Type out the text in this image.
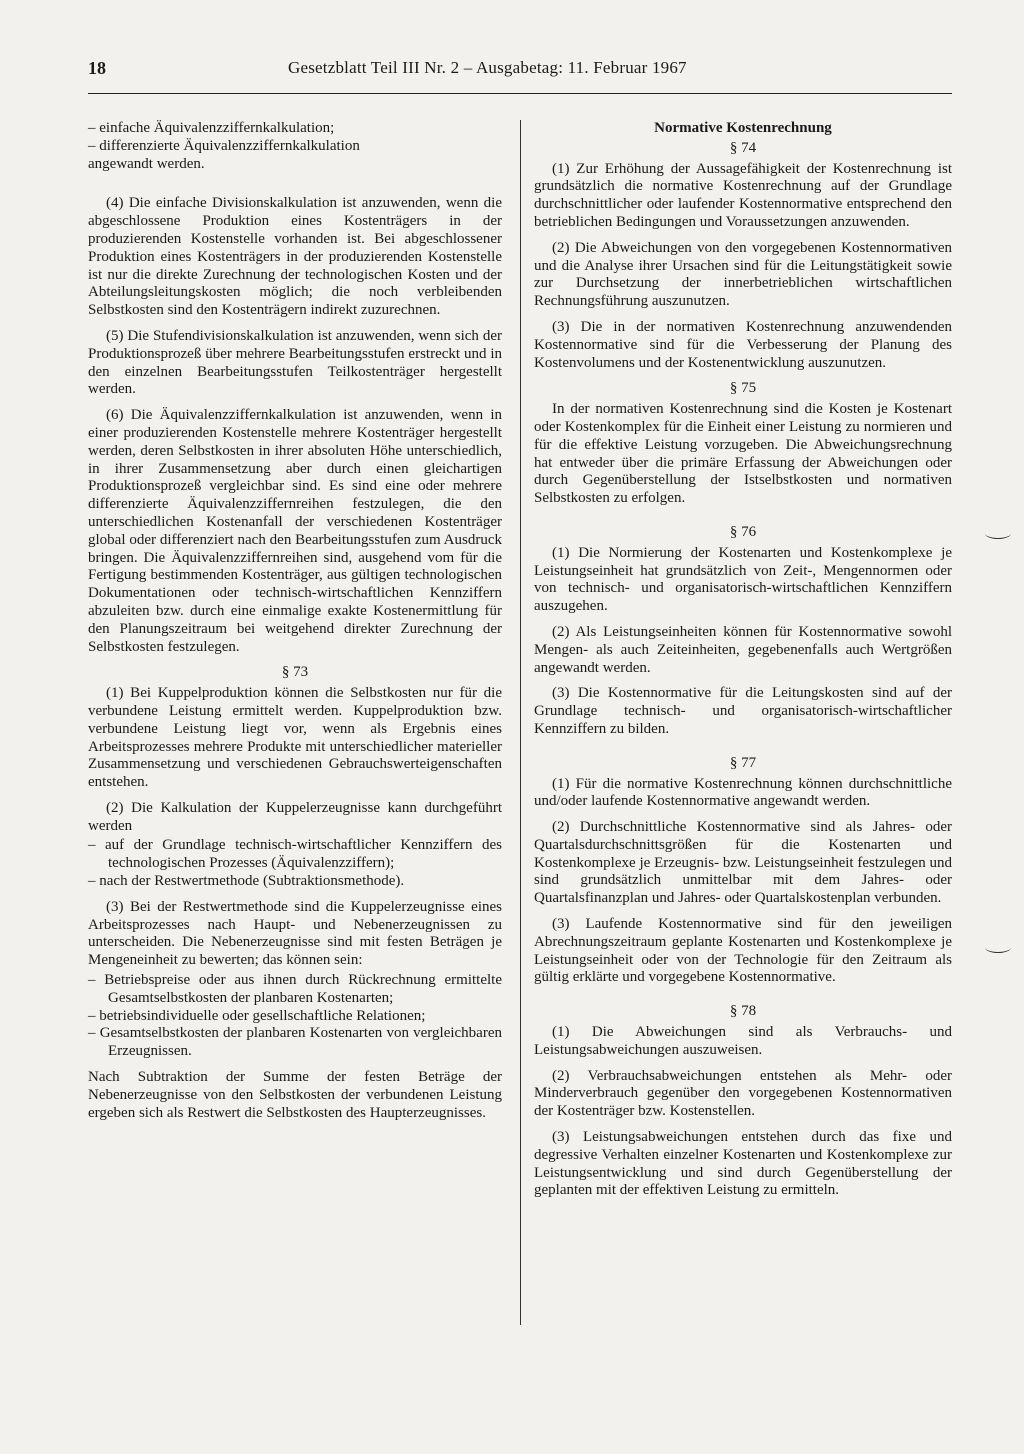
18	Gesetzblatt Teil III Nr. 2 – Ausgabetag: 11. Februar 1967
– einfache Äquivalenzziffernkalkulation;
– differenzierte Äquivalenzziffernkalkulation

angewandt werden.

(4) Die einfache Divisionskalkulation ist anzuwenden, wenn die abgeschlossene Produktion eines Kostenträgers in der produzierenden Kostenstelle vorhanden ist. Bei abgeschlossener Produktion eines Kostenträgers in der produzierenden Kostenstelle ist nur die direkte Zurechnung der technologischen Kosten und der Abteilungsleitungskosten möglich; die noch verbleibenden Selbstkosten sind den Kostenträgern indirekt zuzurechnen.

(5) Die Stufendivisionskalkulation ist anzuwenden, wenn sich der Produktionsprozeß über mehrere Bearbeitungsstufen erstreckt und in den einzelnen Bearbeitungsstufen Teilkostenträger hergestellt werden.

(6) Die Äquivalenzziffernkalkulation ist anzuwenden, wenn in einer produzierenden Kostenstelle mehrere Kostenträger hergestellt werden, deren Selbstkosten in ihrer absoluten Höhe unterschiedlich, in ihrer Zusammensetzung aber durch einen gleichartigen Produktionsprozeß vergleichbar sind. Es sind eine oder mehrere differenzierte Äquivalenzziffernreihen festzulegen, die den unterschiedlichen Kostenanfall der verschiedenen Kostenträger global oder differenziert nach den Bearbeitungsstufen zum Ausdruck bringen. Die Äquivalenzziffernreihen sind, ausgehend vom für die Fertigung bestimmenden Kostenträger, aus gültigen technologischen Dokumentationen oder technisch-wirtschaftlichen Kennziffern abzuleiten bzw. durch eine einmalige exakte Kostenermittlung für den Planungszeitraum bei weitgehend direkter Zurechnung der Selbstkosten festzulegen.

§ 73

(1) Bei Kuppelproduktion können die Selbstkosten nur für die verbundene Leistung ermittelt werden. Kuppelproduktion bzw. verbundene Leistung liegt vor, wenn als Ergebnis eines Arbeitsprozesses mehrere Produkte mit unterschiedlicher materieller Zusammensetzung und verschiedenen Gebrauchswerteigenschaften entstehen.

(2) Die Kalkulation der Kuppelerzeugnisse kann durchgeführt werden

– auf der Grundlage technisch-wirtschaftlicher Kennziffern des technologischen Prozesses (Äquivalenzziffern);
– nach der Restwertmethode (Subtraktionsmethode).

(3) Bei der Restwertmethode sind die Kuppelerzeugnisse eines Arbeitsprozesses nach Haupt- und Nebenerzeugnissen zu unterscheiden. Die Nebenerzeugnisse sind mit festen Beträgen je Mengeneinheit zu bewerten; das können sein:

– Betriebspreise oder aus ihnen durch Rückrechnung ermittelte Gesamtselbstkosten der planbaren Kostenarten;
– betriebsindividuelle oder gesellschaftliche Relationen;
– Gesamtselbstkosten der planbaren Kostenarten von vergleichbaren Erzeugnissen.

Nach Subtraktion der Summe der festen Beträge der Nebenerzeugnisse von den Selbstkosten der verbundenen Leistung ergeben sich als Restwert die Selbstkosten des Haupterzeugnisses.

Normative Kostenrechnung
§ 74

(1) Zur Erhöhung der Aussagefähigkeit der Kostenrechnung ist grundsätzlich die normative Kostenrechnung auf der Grundlage durchschnittlicher oder laufender Kostennormative entsprechend den betrieblichen Bedingungen und Voraussetzungen anzuwenden.

(2) Die Abweichungen von den vorgegebenen Kostennormativen und die Analyse ihrer Ursachen sind für die Leitungstätigkeit sowie zur Durchsetzung der innerbetrieblichen wirtschaftlichen Rechnungsführung auszunutzen.

(3) Die in der normativen Kostenrechnung anzuwendenden Kostennormative sind für die Verbesserung der Planung des Kostenvolumens und der Kostenentwicklung auszunutzen.

§ 75

In der normativen Kostenrechnung sind die Kosten je Kostenart oder Kostenkomplex für die Einheit einer Leistung zu normieren und für die effektive Leistung vorzugeben. Die Abweichungsrechnung hat entweder über die primäre Erfassung der Abweichungen oder durch Gegenüberstellung der Istselbstkosten und normativen Selbstkosten zu erfolgen.

§ 76

(1) Die Normierung der Kostenarten und Kostenkomplexe je Leistungseinheit hat grundsätzlich von Zeit-, Mengennormen oder von technisch- und organisatorisch-wirtschaftlichen Kennziffern auszugehen.

(2) Als Leistungseinheiten können für Kostennormative sowohl Mengen- als auch Zeiteinheiten, gegebenenfalls auch Wertgrößen angewandt werden.

(3) Die Kostennormative für die Leitungskosten sind auf der Grundlage technisch- und organisatorisch-wirtschaftlicher Kennziffern zu bilden.

§ 77

(1) Für die normative Kostenrechnung können durchschnittliche und/oder laufende Kostennormative angewandt werden.

(2) Durchschnittliche Kostennormative sind als Jahres- oder Quartalsdurchschnittsgrößen für die Kostenarten und Kostenkomplexe je Erzeugnis- bzw. Leistungseinheit festzulegen und sind grundsätzlich unmittelbar mit dem Jahres- oder Quartalsfinanzplan und Jahres- oder Quartalskostenplan verbunden.

(3) Laufende Kostennormative sind für den jeweiligen Abrechnungszeitraum geplante Kostenarten und Kostenkomplexe je Leistungseinheit oder von der Technologie für den Zeitraum als gültig erklärte und vorgegebene Kostennormative.

§ 78

(1) Die Abweichungen sind als Verbrauchs- und Leistungsabweichungen auszuweisen.

(2) Verbrauchsabweichungen entstehen als Mehr- oder Minderverbrauch gegenüber den vorgegebenen Kostennormativen der Kostenträger bzw. Kostenstellen.

(3) Leistungsabweichungen entstehen durch das fixe und degressive Verhalten einzelner Kostenarten und Kostenkomplexe zur Leistungsentwicklung und sind durch Gegenüberstellung der geplanten mit der effektiven Leistung zu ermitteln.
